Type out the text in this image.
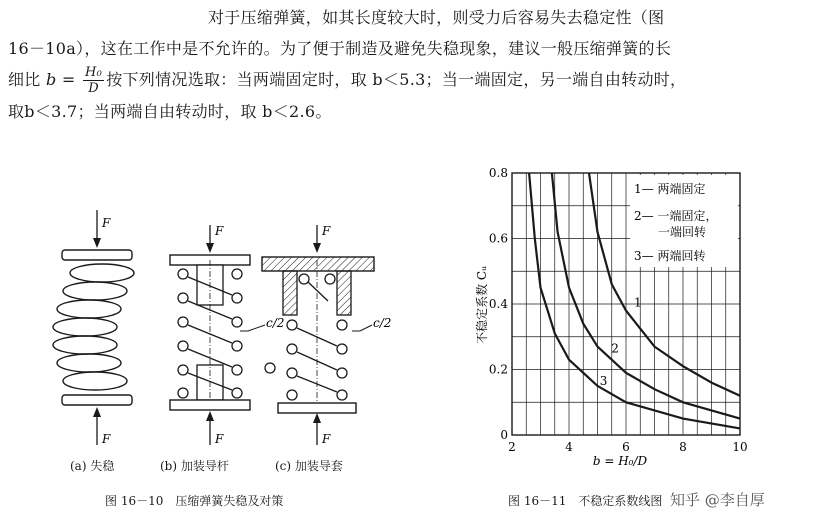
对于压缩弹簧，如其长度较大时，则受力后容易失去稳定性（图
16－10a），这在工作中是不允许的。为了便于制造及避免失稳现象，建议一般压缩弹簧的长
细比 $b = \frac{\text{H₀}}{D}$ 按下列情况选取：当两端固定时，取 b＜5.3；当一端固定，另一端自由转动时，
取b＜3.7；当两端自由转动时，取 b＜2.6。
F
F
(a) 失稳
F
c/2
F
(b) 加装导杆
F
c/2
F
(c) 加装导套
图 16－10　压缩弹簧失稳及对策
2	4	6	8	10
0
0.2
0.4
0.6
0.8
1
2
3
1— 两端固定
2— 一端固定，
一端回转
3— 两端回转
不稳定系数 Cᵤ
b = H₀/D
图 16－11　不稳定系数线图 知乎 @李自厚
